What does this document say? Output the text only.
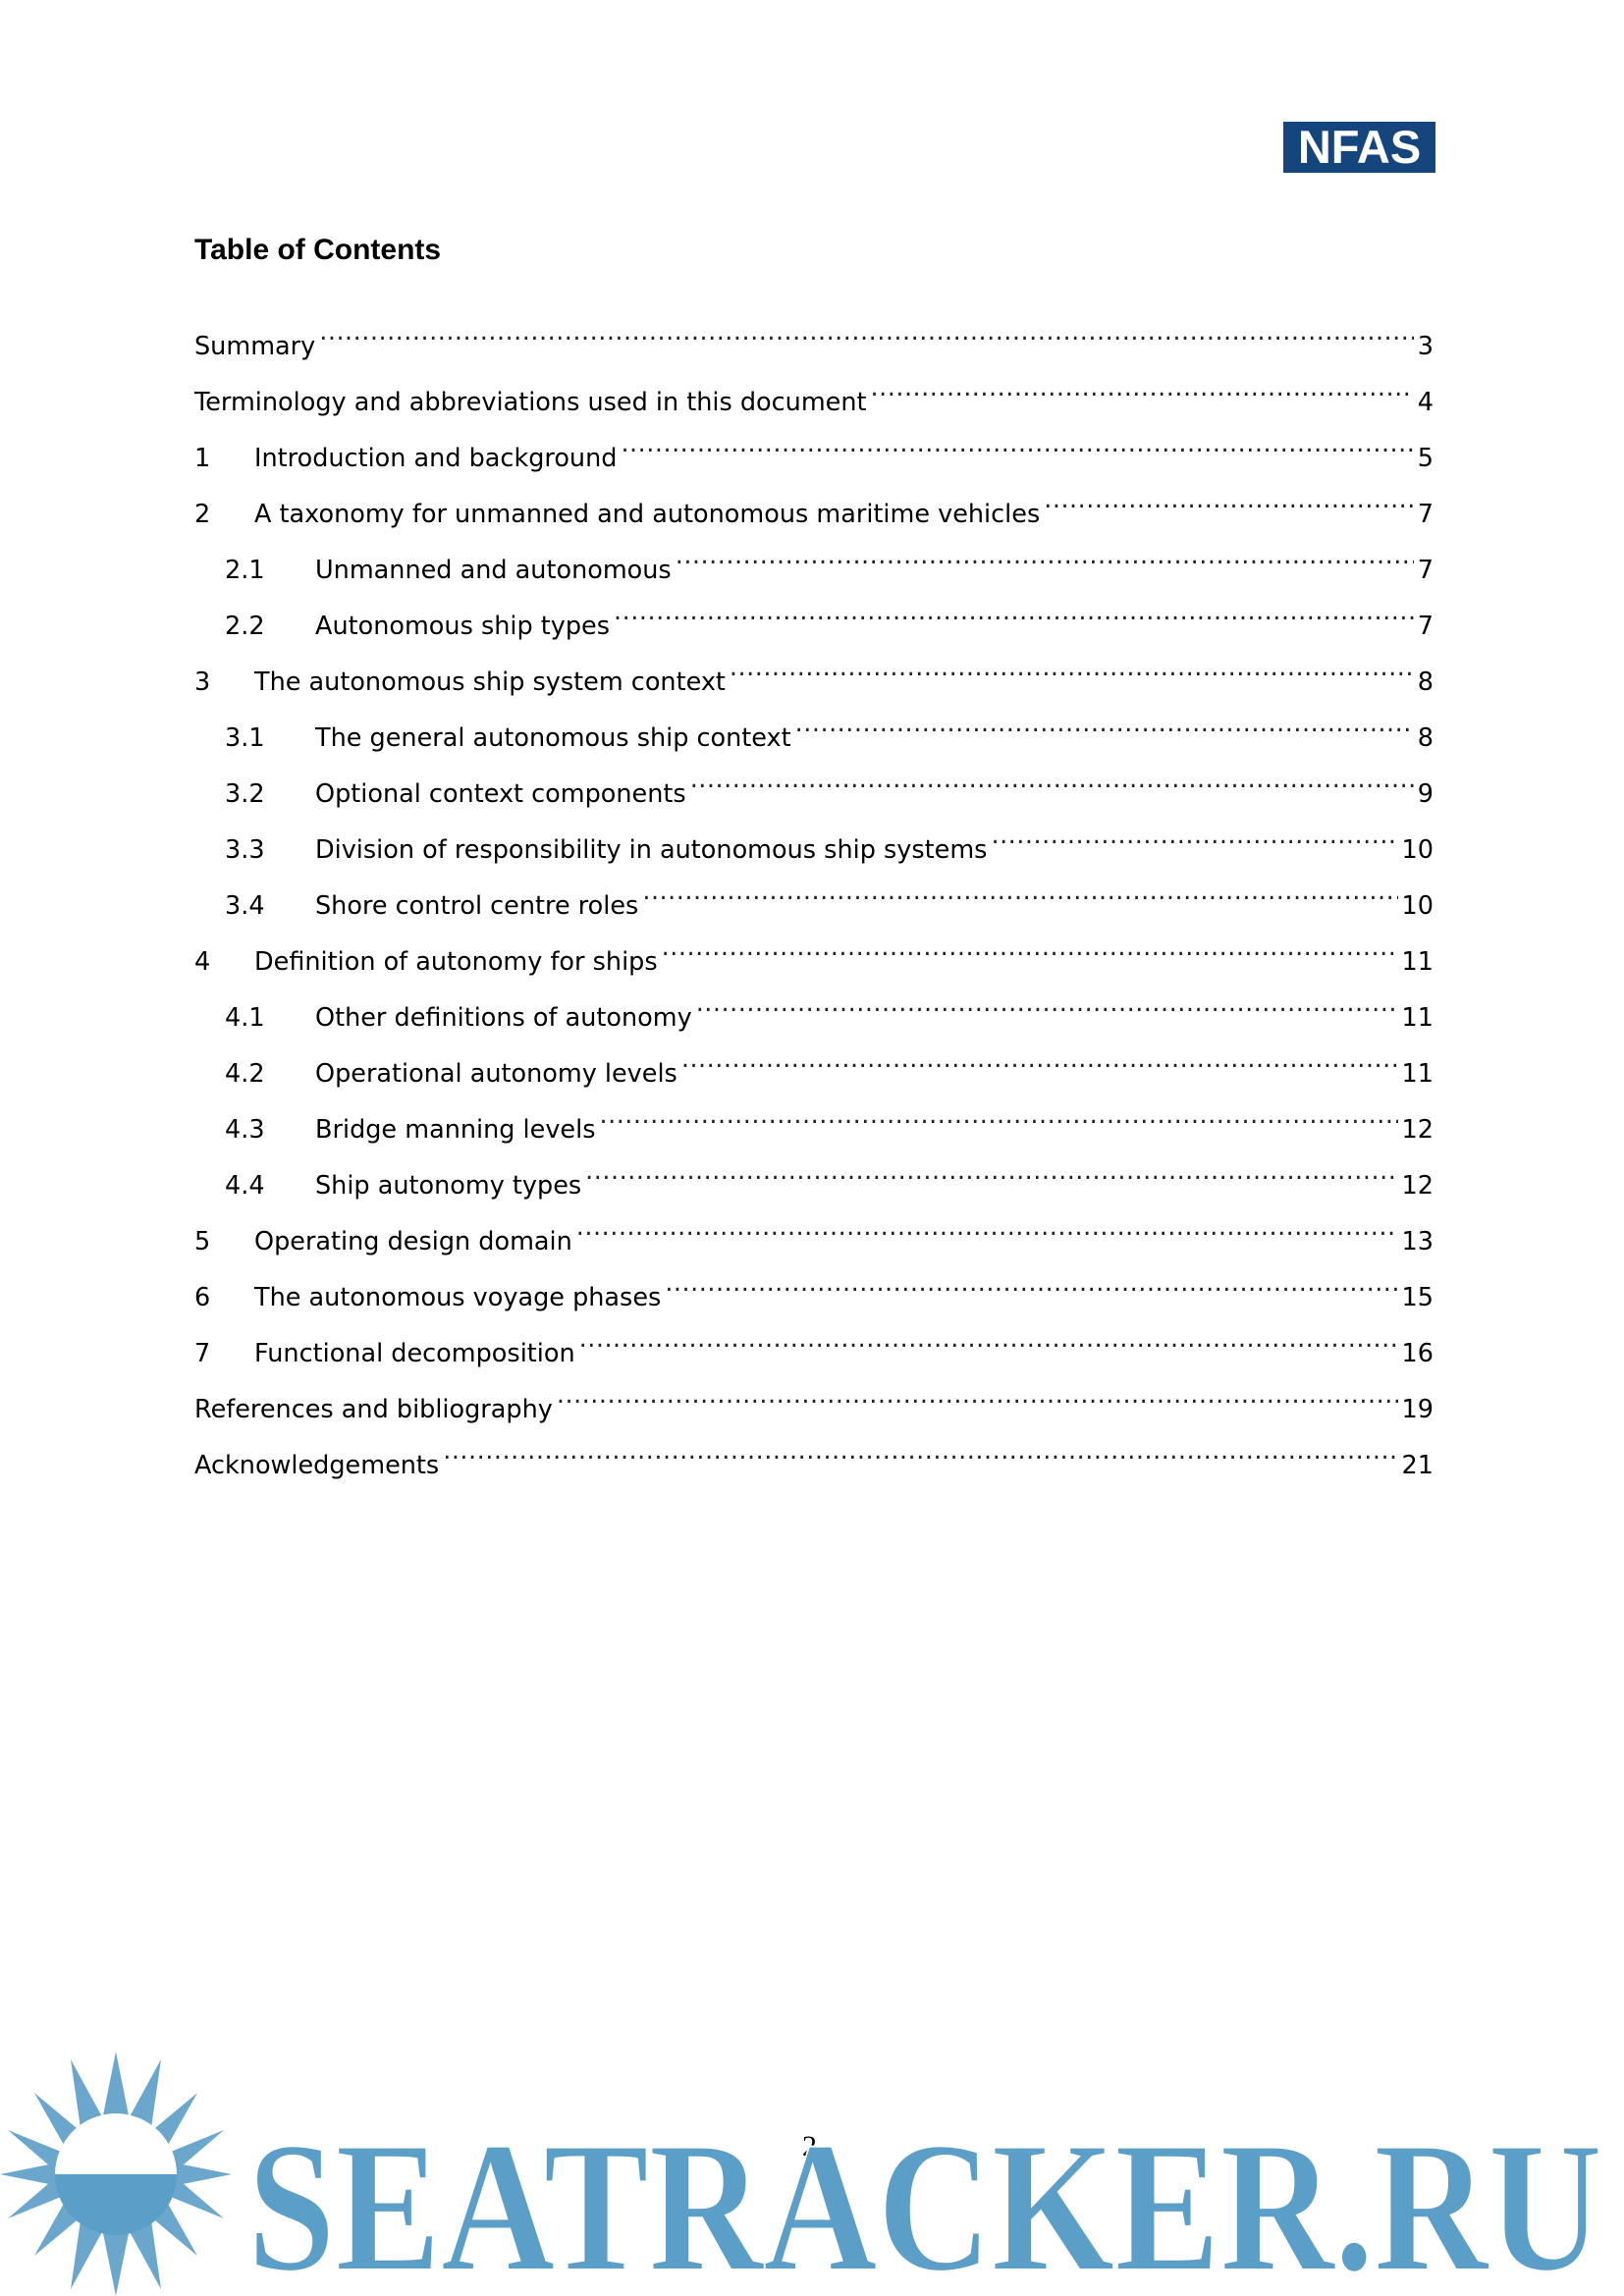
NFAS
Table of Contents
Summary .....	3
Terminology and abbreviations used in this document .....	4
1	Introduction and background .....	5
2	A taxonomy for unmanned and autonomous maritime vehicles .....	7
2.1	Unmanned and autonomous .....	7
2.2	Autonomous ship types .....	7
3	The autonomous ship system context .....	8
3.1	The general autonomous ship context .....	8
3.2	Optional context components .....	9
3.3	Division of responsibility in autonomous ship systems .....	10
3.4	Shore control centre roles .....	10
4	Definition of autonomy for ships .....	11
4.1	Other definitions of autonomy .....	11
4.2	Operational autonomy levels .....	11
4.3	Bridge manning levels .....	12
4.4	Ship autonomy types .....	12
5	Operating design domain .....	13
6	The autonomous voyage phases .....	15
7	Functional decomposition .....	16
References and bibliography .....	19
Acknowledgements .....	21
2
SEATRACKER.RU
